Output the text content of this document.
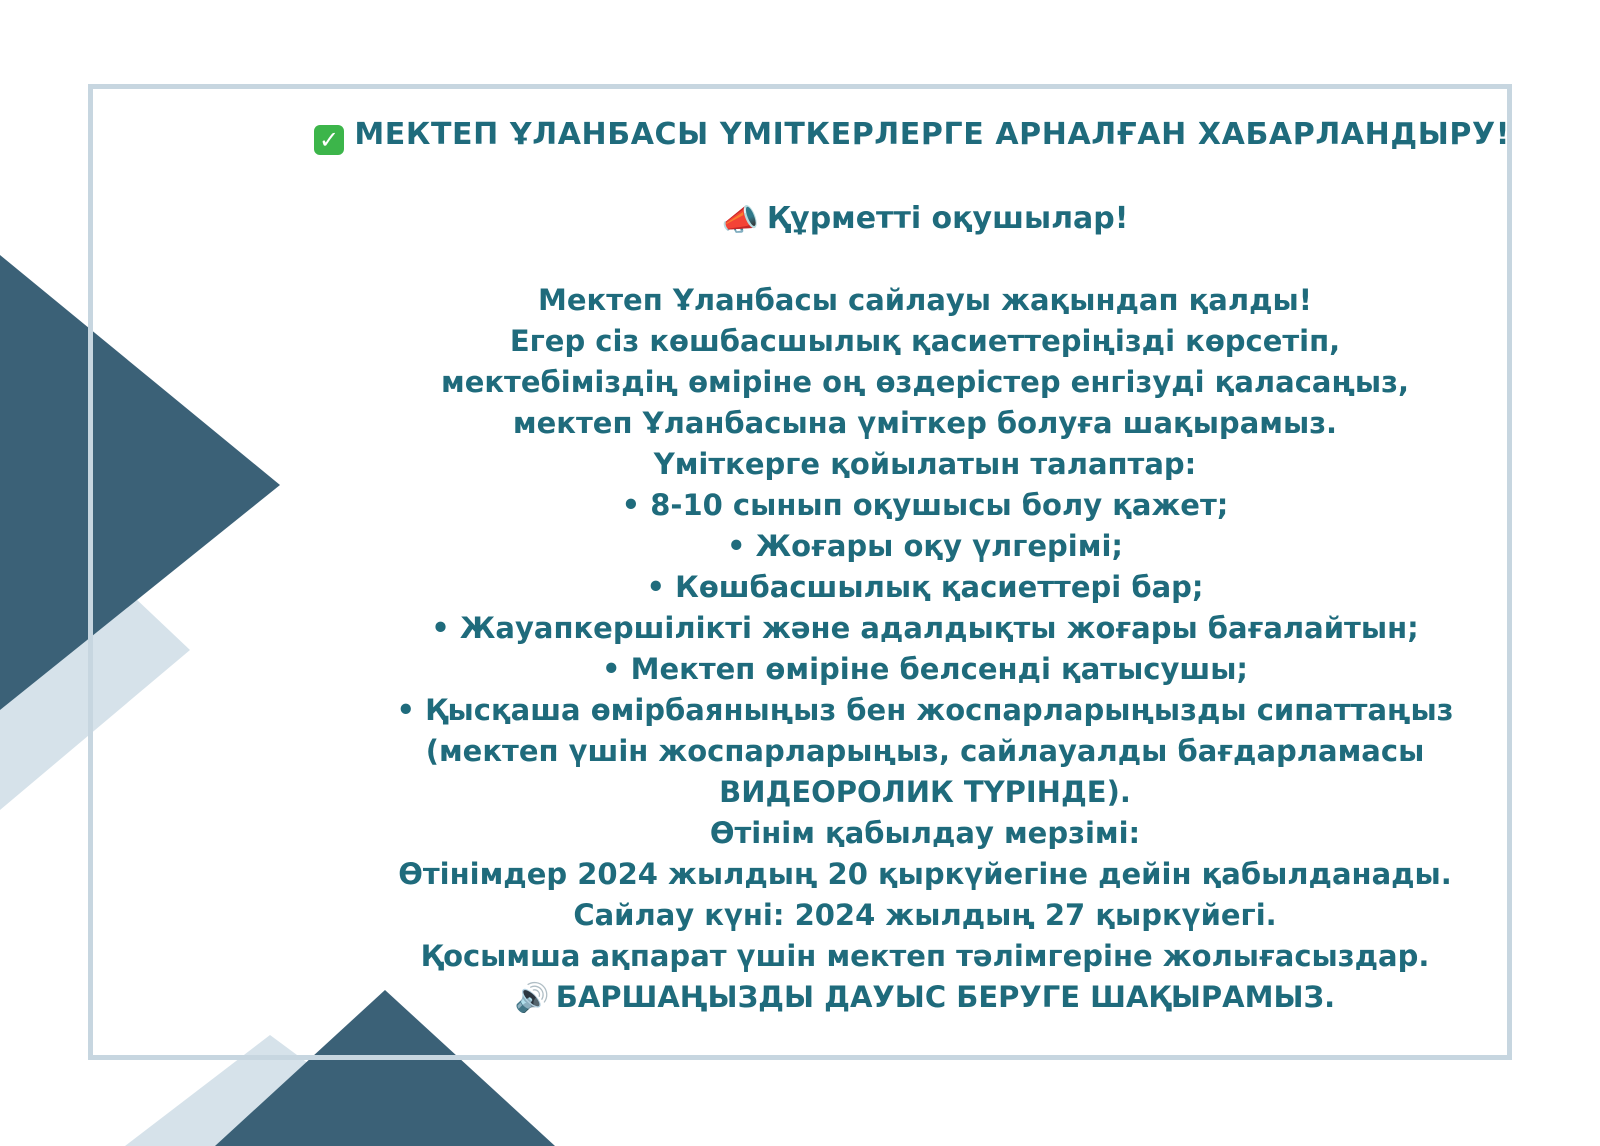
✓ МЕКТЕП ҰЛАНБАСЫ ҮМІТКЕРЛЕРГЕ АРНАЛҒАН ХАБАРЛАНДЫРУ!
📣 Құрметті оқушылар!
Мектеп Ұланбасы сайлауы жақындап қалды!
Егер сіз көшбасшылық қасиеттеріңізді көрсетіп,
мектебіміздің өміріне оң өздерістер енгізуді қаласаңыз,
мектеп Ұланбасына үміткер болуға шақырамыз.
Үміткерге қойылатын талаптар:
• 8-10 сынып оқушысы болу қажет;
• Жоғары оқу үлгерімі;
• Көшбасшылық қасиеттері бар;
• Жауапкершілікті және адалдықты жоғары бағалайтын;
• Мектеп өміріне белсенді қатысушы;
• Қысқаша өмірбаяныңыз бен жоспарларыңызды сипаттаңыз
(мектеп үшін жоспарларыңыз, сайлауалды бағдарламасы
ВИДЕОРОЛИК ТҮРІНДЕ).
Өтінім қабылдау мерзімі:
Өтінімдер 2024 жылдың 20 қыркүйегіне дейін қабылданады.
Сайлау күні: 2024 жылдың 27 қыркүйегі.
Қосымша ақпарат үшін мектеп тәлімгеріне жолығасыздар.
🔊 БАРШАҢЫЗДЫ ДАУЫС БЕРУГЕ ШАҚЫРАМЫЗ.
